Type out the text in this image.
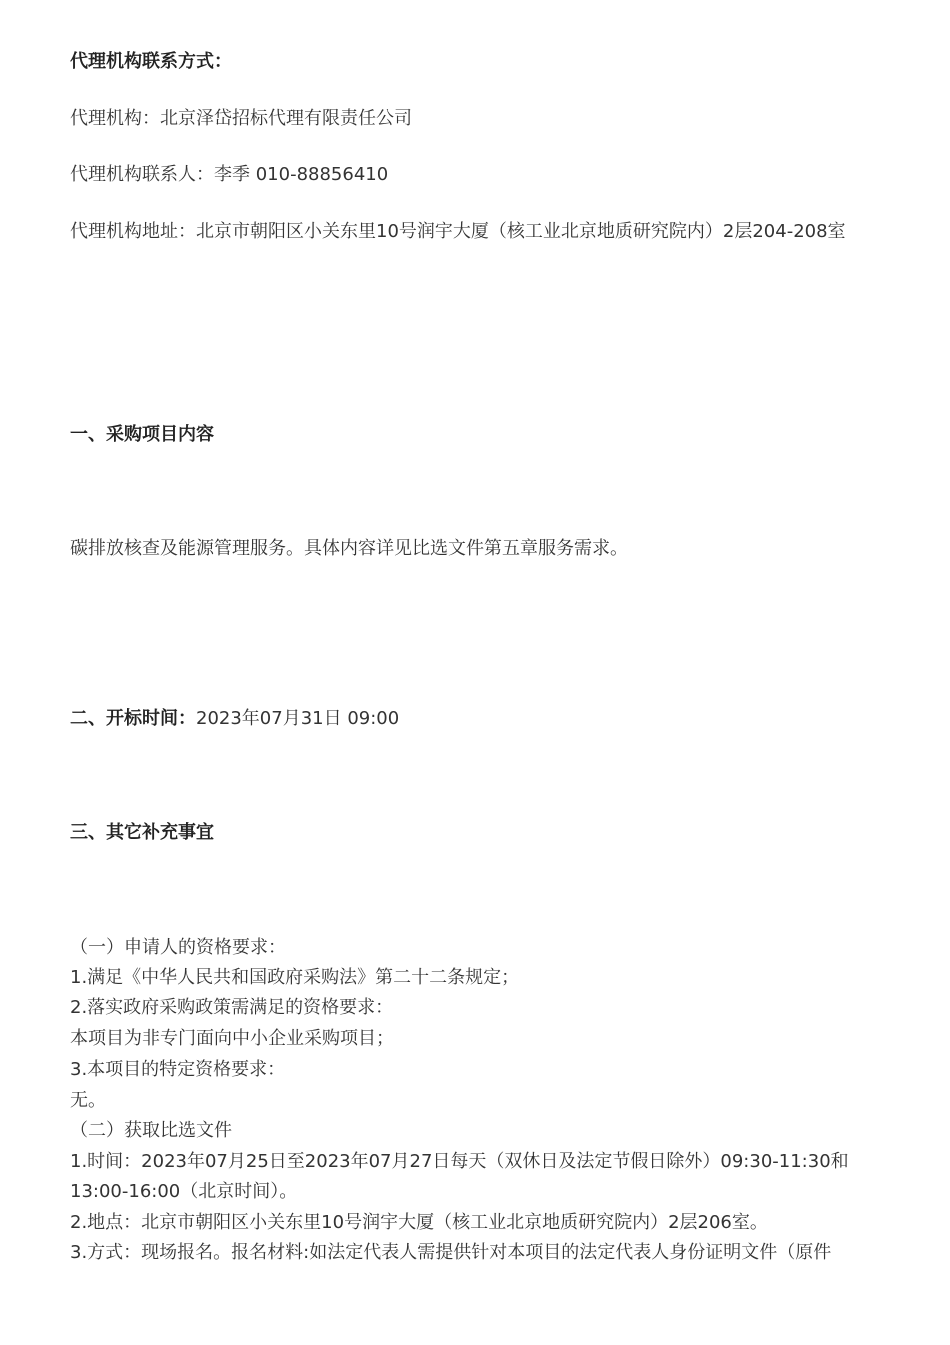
代理机构联系方式：
代理机构：北京泽岱招标代理有限责任公司
代理机构联系人：李季 010-88856410
代理机构地址：北京市朝阳区小关东里10号润宇大厦（核工业北京地质研究院内）2层204-208室
一、采购项目内容
碳排放核查及能源管理服务。具体内容详见比选文件第五章服务需求。
二、开标时间：2023年07月31日 09:00
三、其它补充事宜
（一）申请人的资格要求：
1.满足《中华人民共和国政府采购法》第二十二条规定；
2.落实政府采购政策需满足的资格要求：
本项目为非专门面向中小企业采购项目；
3.本项目的特定资格要求：
无。
（二）获取比选文件
1.时间：2023年07月25日至2023年07月27日每天（双休日及法定节假日除外）09:30-11:30和
13:00-16:00（北京时间）。
2.地点：北京市朝阳区小关东里10号润宇大厦（核工业北京地质研究院内）2层206室。
3.方式：现场报名。报名材料:如法定代表人需提供针对本项目的法定代表人身份证明文件（原件
